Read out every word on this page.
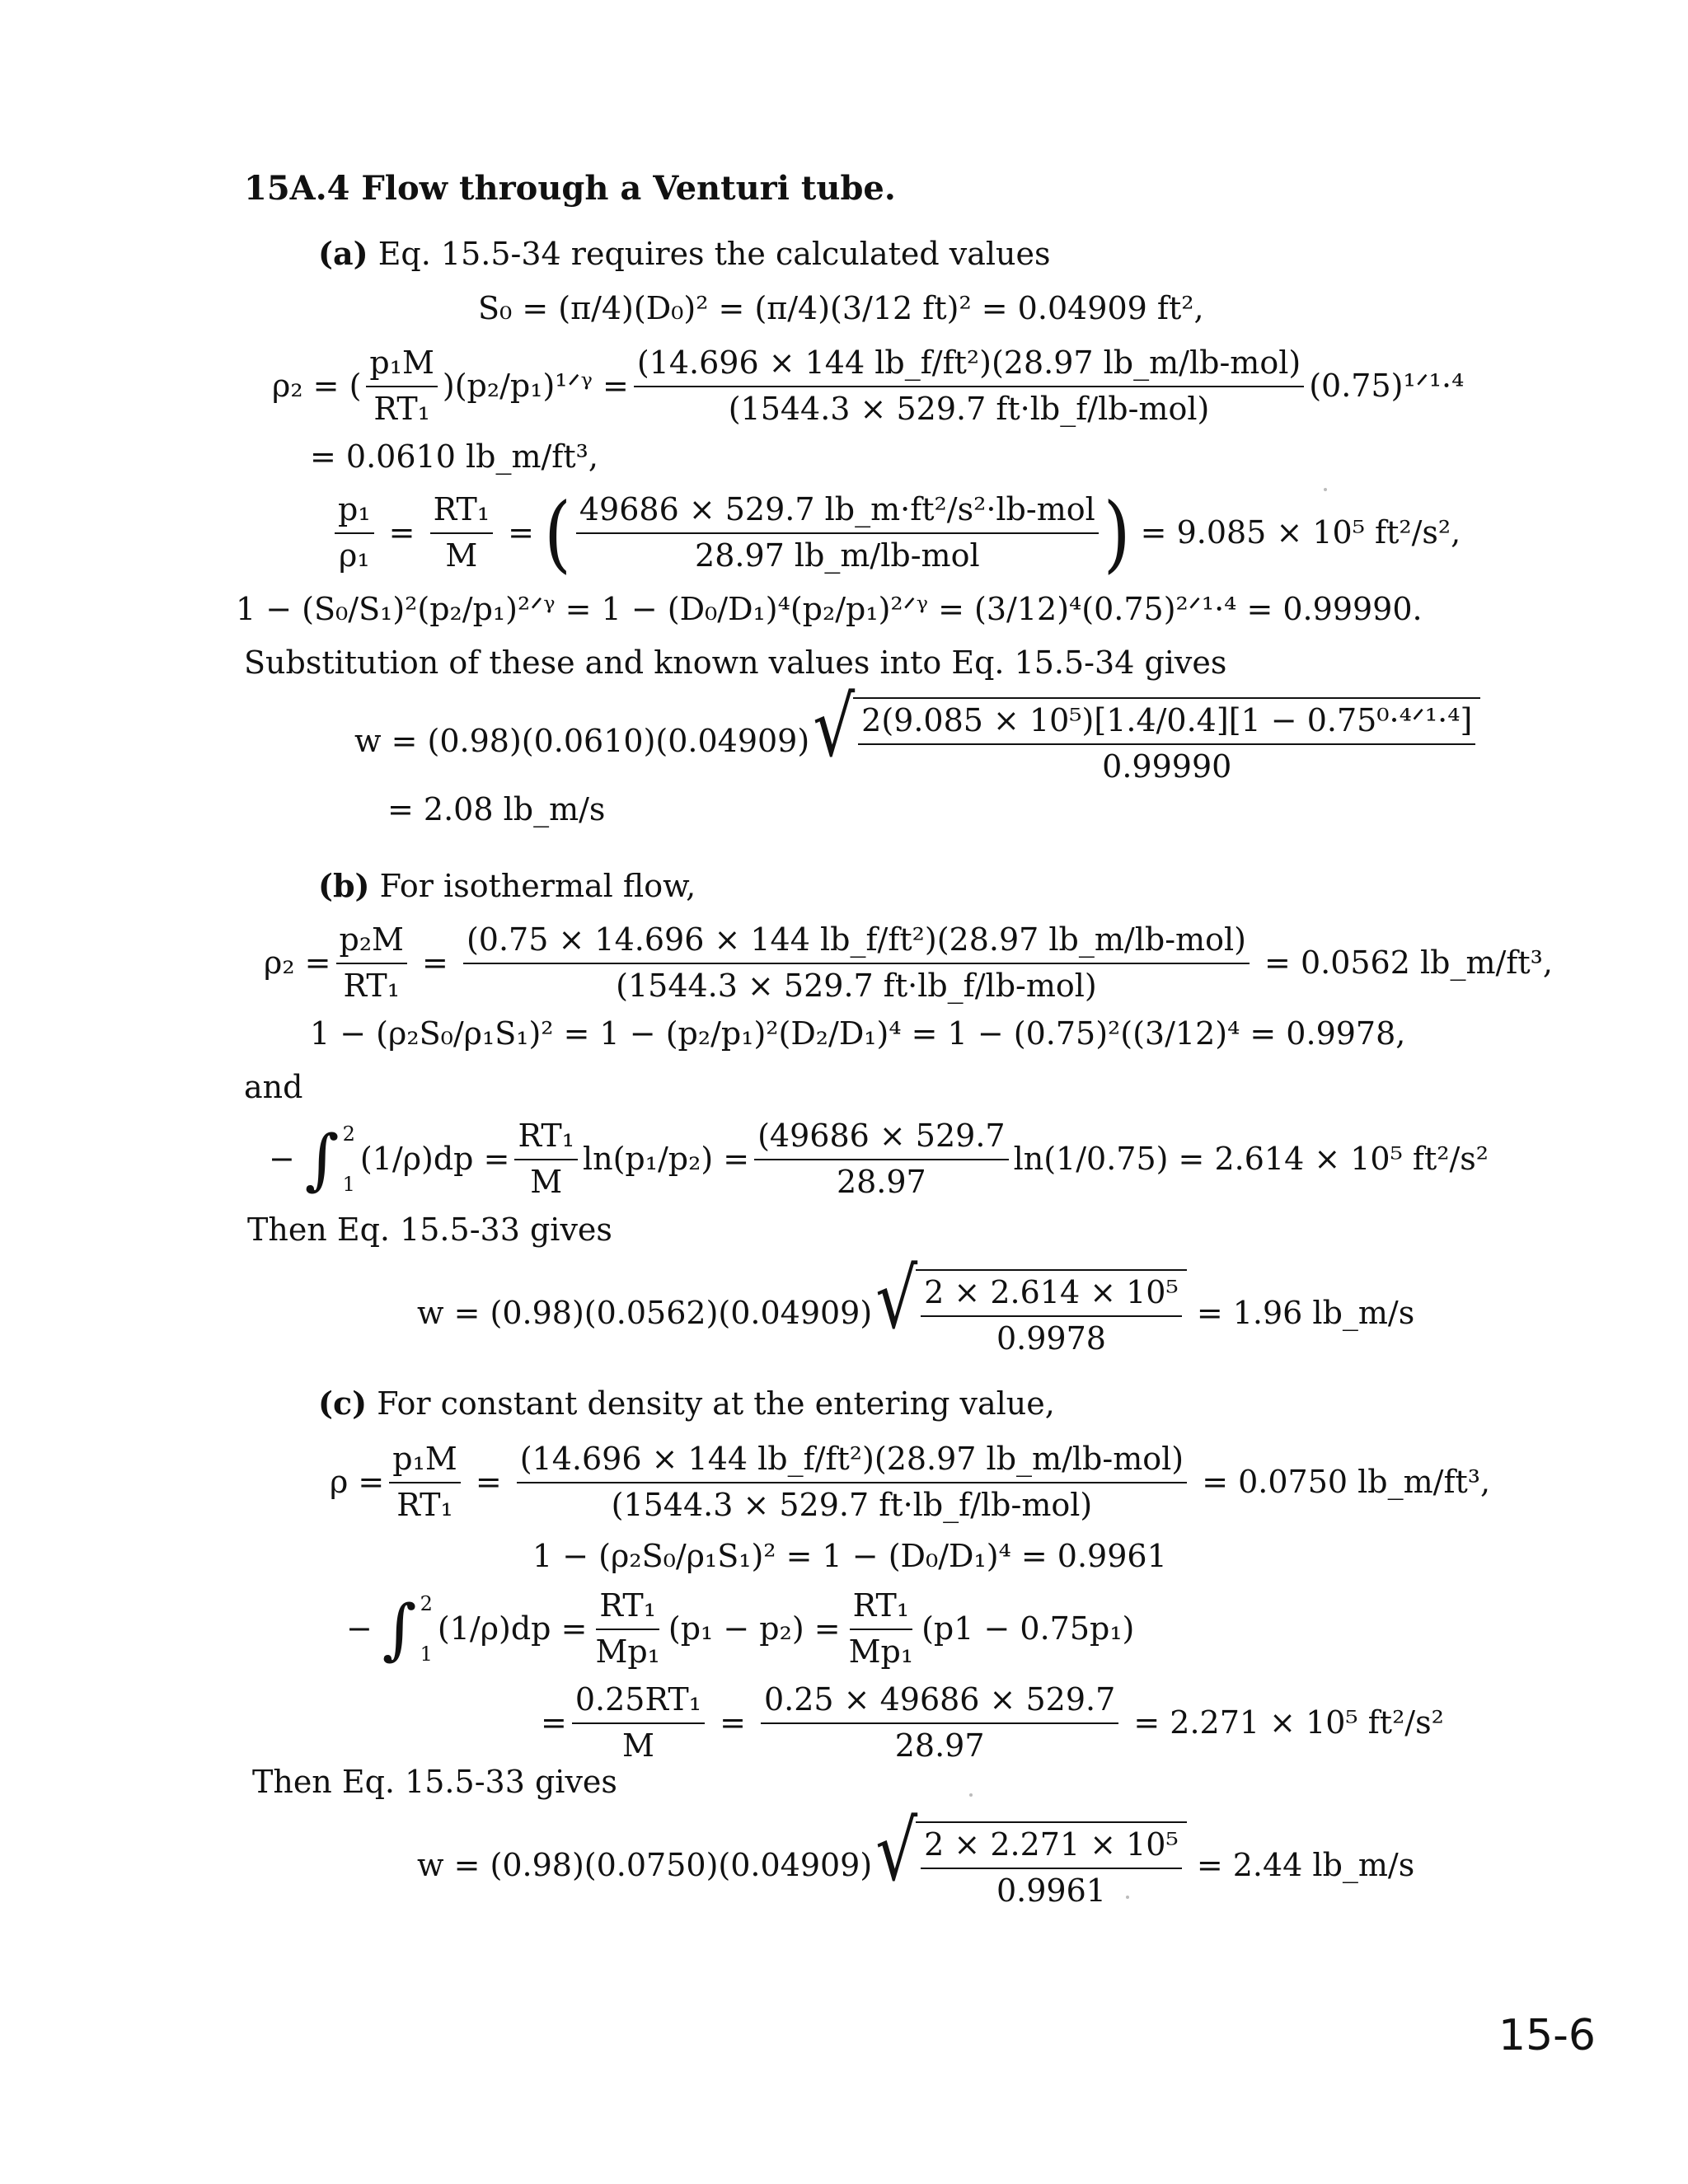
15A.4 Flow through a Venturi tube.
(a) Eq. 15.5-34 requires the calculated values
S₀ = (π/4)(D₀)² = (π/4)(3/12 ft)² = 0.04909 ft²,
ρ₂ = ( $\frac{\text{p₁M}}{\text{RT₁}}$ )(p₂/p₁)¹ᐟᵞ = $\frac{\text{(14.696 × 144 lb\_f/ft²)(28.97 lb\_m/lb-mol)}}{\text{(1544.3 × 529.7 ft·lb\_f/lb-mol)}}$ (0.75)¹ᐟ¹·⁴
= 0.0610 lb_m/ft³,
$\frac{\text{p₁}}{\text{ρ₁}} = \frac{\text{RT₁}}{M}$ = ( $\frac{\text{49686 × 529.7 lb\_m·ft²/s²·lb-mol}}{\text{28.97 lb\_m/lb-mol}}$ )
= 9.085 × 10⁵ ft²/s²,
1 − (S₀/S₁)²(p₂/p₁)²ᐟᵞ = 1 − (D₀/D₁)⁴(p₂/p₁)²ᐟᵞ = (3/12)⁴(0.75)²ᐟ¹·⁴ = 0.99990.
Substitution of these and known values into Eq. 15.5-34 gives
w = (0.98)(0.0610)(0.04909) √ $\frac{\text{2(9.085 × 10⁵)[1.4/0.4][1 − 0.75⁰·⁴ᐟ¹·⁴]}}{0.99990}$
= 2.08 lb_m/s
(b) For isothermal flow,
$\rho_2 = \frac{\text{p₂M}}{\text{RT₁}} = \frac{\text{(0.75 × 14.696 × 144 lb\_f/ft²)(28.97 lb\_m/lb-mol)}}{\text{(1544.3 × 529.7 ft·lb\_f/lb-mol)}}$
= 0.0562 lb_m/ft³,
1 − (ρ₂S₀/ρ₁S₁)² = 1 − (p₂/p₁)²(D₂/D₁)⁴ = 1 − (0.75)²((3/12)⁴ = 0.9978,
and
− ∫ 2
1
$(1/\rho)dp = \frac{\text{RT₁}}{M} \ln(p_1/p_2) = \frac{(49686 \times 529.7}{28.97} \ln(1/0.75) = 2.614 \times 10^5$ ft²/s²
Then Eq. 15.5-33 gives
w = (0.98)(0.0562)(0.04909) √ $\frac{\text{2 × 2.614 × 10⁵}}{0.9978}$
= 1.96 lb_m/s
(c) For constant density at the entering value,
$\rho = \frac{\text{p₁M}}{\text{RT₁}} = \frac{\text{(14.696 × 144 lb\_f/ft²)(28.97 lb\_m/lb-mol)}}{\text{(1544.3 × 529.7 ft·lb\_f/lb-mol)}}$
= 0.0750 lb_m/ft³,
1 − (ρ₂S₀/ρ₁S₁)² = 1 − (D₀/D₁)⁴ = 0.9961
− ∫ 2
1
$(1/\rho)dp = \frac{\text{RT₁}}{\text{Mp₁}} (p_1 - p_2) = \frac{\text{RT₁}}{\text{Mp₁}} (p1 - 0.75p_1)$
= $\frac{\text{0.25RT₁}}{M} = \frac{0.25 \times 49686 \times 529.7}{28.97}$
= 2.271 × 10⁵ ft²/s²
Then Eq. 15.5-33 gives
w = (0.98)(0.0750)(0.04909) √ $\frac{\text{2 × 2.271 × 10⁵}}{0.9961}$
= 2.44 lb_m/s
15-6
